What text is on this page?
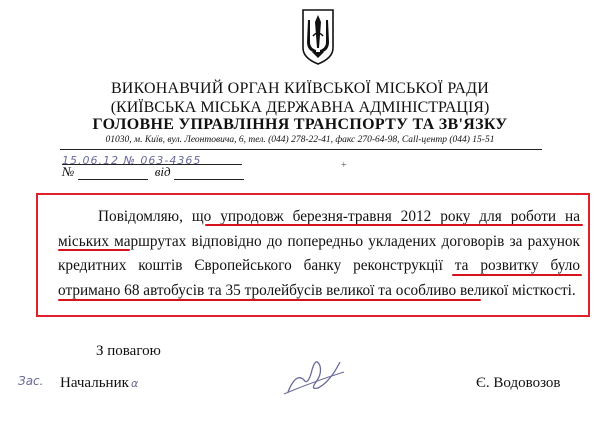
ВИКОНАВЧИЙ ОРГАН КИЇВСЬКОЇ МІСЬКОЇ РАДИ
(КИЇВСЬКА МІСЬКА ДЕРЖАВНА АДМІНІСТРАЦІЯ)
ГОЛОВНЕ УПРАВЛІННЯ ТРАНСПОРТУ ТА ЗВ'ЯЗКУ
01030, м. Київ, вул. Леонтовича, 6, тел. (044) 278-22-41, факс 270-64-98, Call-центр (044) 15-51
15.06.12 № 063-4365
№	від	+

Повідомляю, що упродовж березня-травня 2012 року для роботи на міських маршрутах відповідно до попередньо укладених договорів за рахунок кредитних коштів Європейського банку реконструкції та розвитку було отримано 68 автобусів та 35 тролейбусів великої та особливо великої місткості.

З повагою
Зас. Начальник α	Є. Водовозов
